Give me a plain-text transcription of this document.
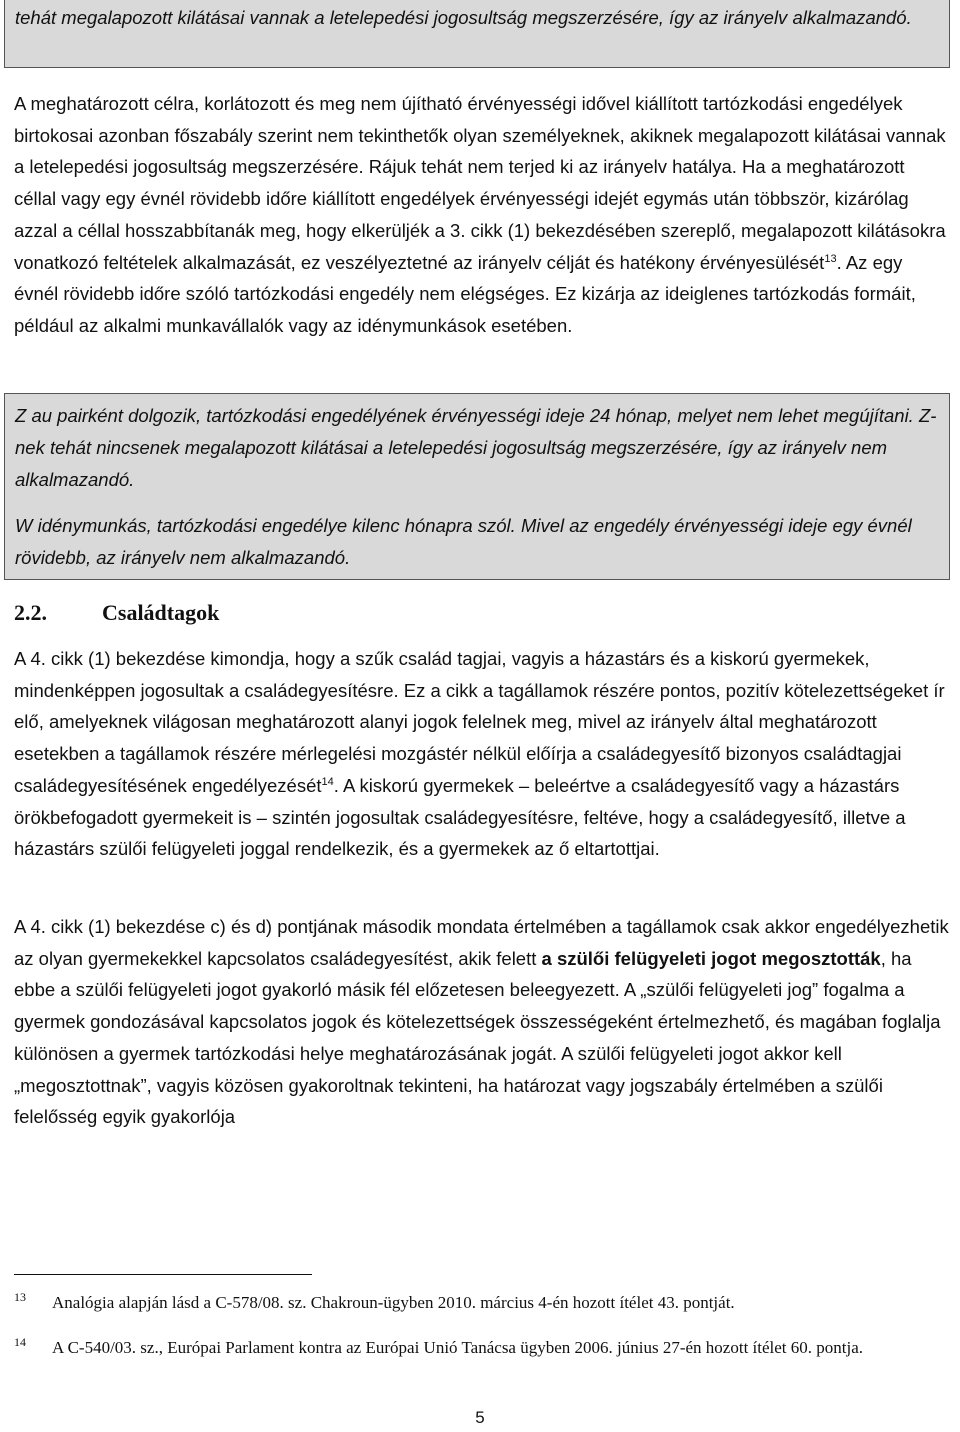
tehát megalapozott kilátásai vannak a letelepedési jogosultság megszerzésére, így az irányelv alkalmazandó.

A meghatározott célra, korlátozott és meg nem újítható érvényességi idővel kiállított tartózkodási engedélyek birtokosai azonban főszabály szerint nem tekinthetők olyan személyeknek, akiknek megalapozott kilátásai vannak a letelepedési jogosultság megszerzésére. Rájuk tehát nem terjed ki az irányelv hatálya. Ha a meghatározott céllal vagy egy évnél rövidebb időre kiállított engedélyek érvényességi idejét egymás után többször, kizárólag azzal a céllal hosszabbítanák meg, hogy elkerüljék a 3. cikk (1) bekezdésében szereplő, megalapozott kilátásokra vonatkozó feltételek alkalmazását, ez veszélyeztetné az irányelv célját és hatékony érvényesülését$^{13}$. Az egy évnél rövidebb időre szóló tartózkodási engedély nem elégséges. Ez kizárja az ideiglenes tartózkodás formáit, például az alkalmi munkavállalók vagy az idénymunkások esetében.

Z au pairként dolgozik, tartózkodási engedélyének érvényességi ideje 24 hónap, melyet nem lehet megújítani. Z-nek tehát nincsenek megalapozott kilátásai a letelepedési jogosultság megszerzésére, így az irányelv nem alkalmazandó.

W idénymunkás, tartózkodási engedélye kilenc hónapra szól. Mivel az engedély érvényességi ideje egy évnél rövidebb, az irányelv nem alkalmazandó.

2.2.	Családtagok

A 4. cikk (1) bekezdése kimondja, hogy a szűk család tagjai, vagyis a házastárs és a kiskorú gyermekek, mindenképpen jogosultak a családegyesítésre. Ez a cikk a tagállamok részére pontos, pozitív kötelezettségeket ír elő, amelyeknek világosan meghatározott alanyi jogok felelnek meg, mivel az irányelv által meghatározott esetekben a tagállamok részére mérlegelési mozgástér nélkül előírja a családegyesítő bizonyos családtagjai családegyesítésének engedélyezését$^{14}$. A kiskorú gyermekek – beleértve a családegyesítő vagy a házastárs örökbefogadott gyermekeit is – szintén jogosultak családegyesítésre, feltéve, hogy a családegyesítő, illetve a házastárs szülői felügyeleti joggal rendelkezik, és a gyermekek az ő eltartottjai.

A 4. cikk (1) bekezdése c) és d) pontjának második mondata értelmében a tagállamok csak akkor engedélyezhetik az olyan gyermekekkel kapcsolatos családegyesítést, akik felett a szülői felügyeleti jogot megosztották, ha ebbe a szülői felügyeleti jogot gyakorló másik fél előzetesen beleegyezett. A „szülői felügyeleti jog” fogalma a gyermek gondozásával kapcsolatos jogok és kötelezettségek összességeként értelmezhető, és magában foglalja különösen a gyermek tartózkodási helye meghatározásának jogát. A szülői felügyeleti jogot akkor kell „megosztottnak”, vagyis közösen gyakoroltnak tekinteni, ha határozat vagy jogszabály értelmében a szülői felelősség egyik gyakorlója

13 Analógia alapján lásd a C-578/08. sz. Chakroun-ügyben 2010. március 4-én hozott ítélet 43. pontját.
14 A C-540/03. sz., Európai Parlament kontra az Európai Unió Tanácsa ügyben 2006. június 27-én hozott ítélet 60. pontja.
5
